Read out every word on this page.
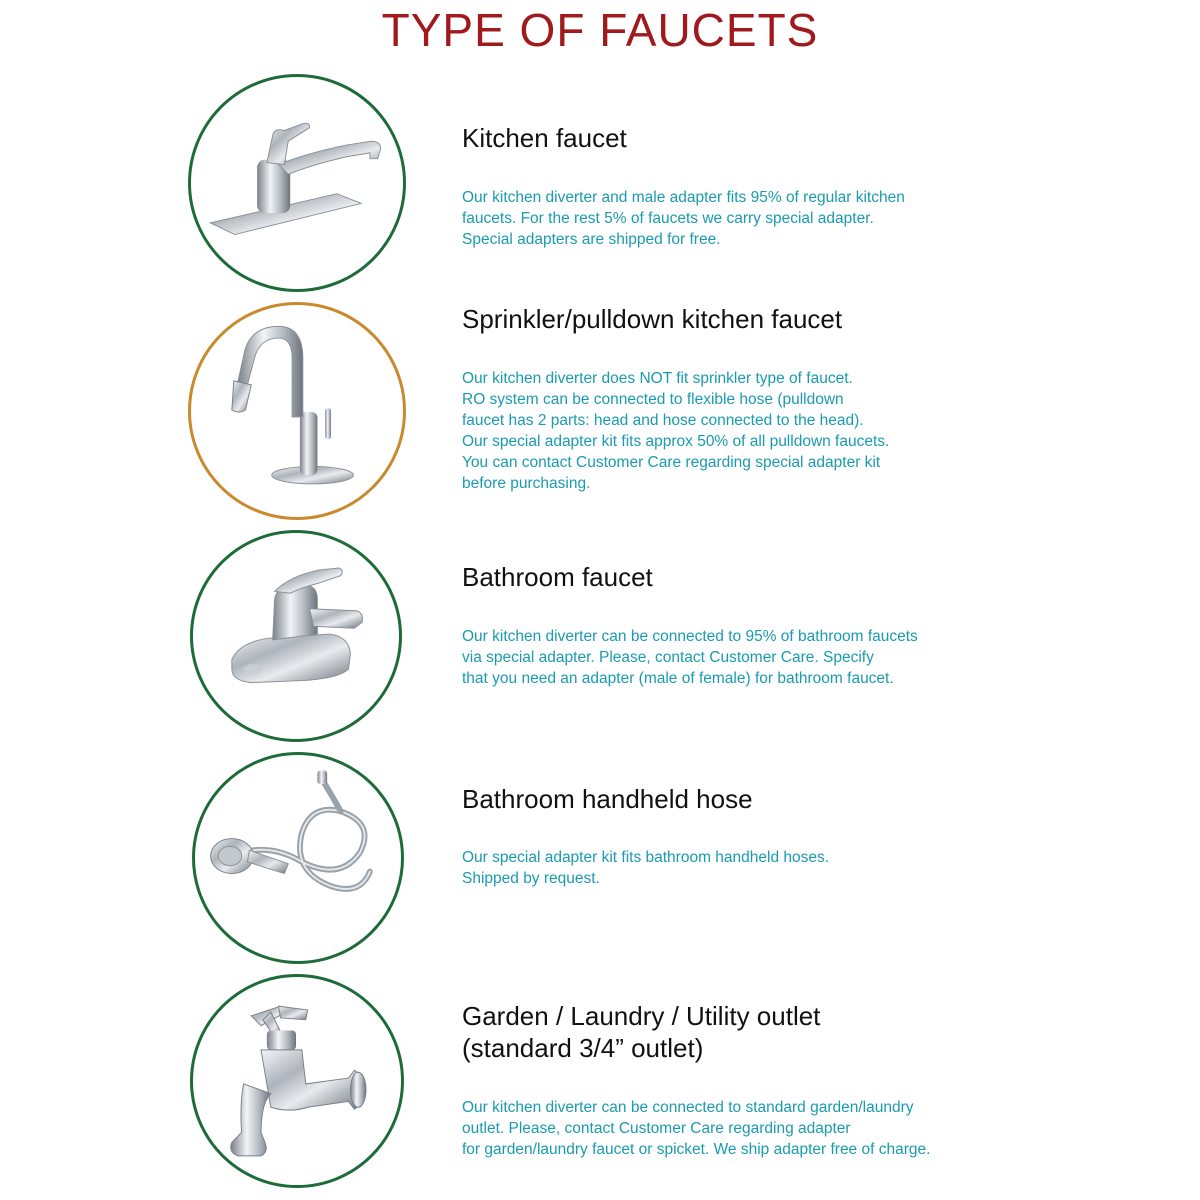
TYPE OF FAUCETS
Kitchen faucet
Our kitchen diverter and male adapter fits 95% of regular kitchen
faucets. For the rest 5% of faucets we carry special adapter.
Special adapters are shipped for free.
Sprinkler/pulldown kitchen faucet
Our kitchen diverter does NOT fit sprinkler type of faucet.
RO system can be connected to flexible hose (pulldown
faucet has 2 parts: head and hose connected to the head).
Our special adapter kit fits approx 50% of all pulldown faucets.
You can contact Customer Care regarding special adapter kit
before purchasing.
Bathroom faucet
Our kitchen diverter can be connected to 95% of bathroom faucets
via special adapter. Please, contact Customer Care. Specify
that you need an adapter (male of female) for bathroom faucet.
Bathroom handheld hose
Our special adapter kit fits bathroom handheld hoses.
Shipped by request.
Garden / Laundry / Utility outlet
(standard 3/4” outlet)
Our kitchen diverter can be connected to standard garden/laundry
outlet. Please, contact Customer Care regarding adapter
for garden/laundry faucet or spicket. We ship adapter free of charge.
